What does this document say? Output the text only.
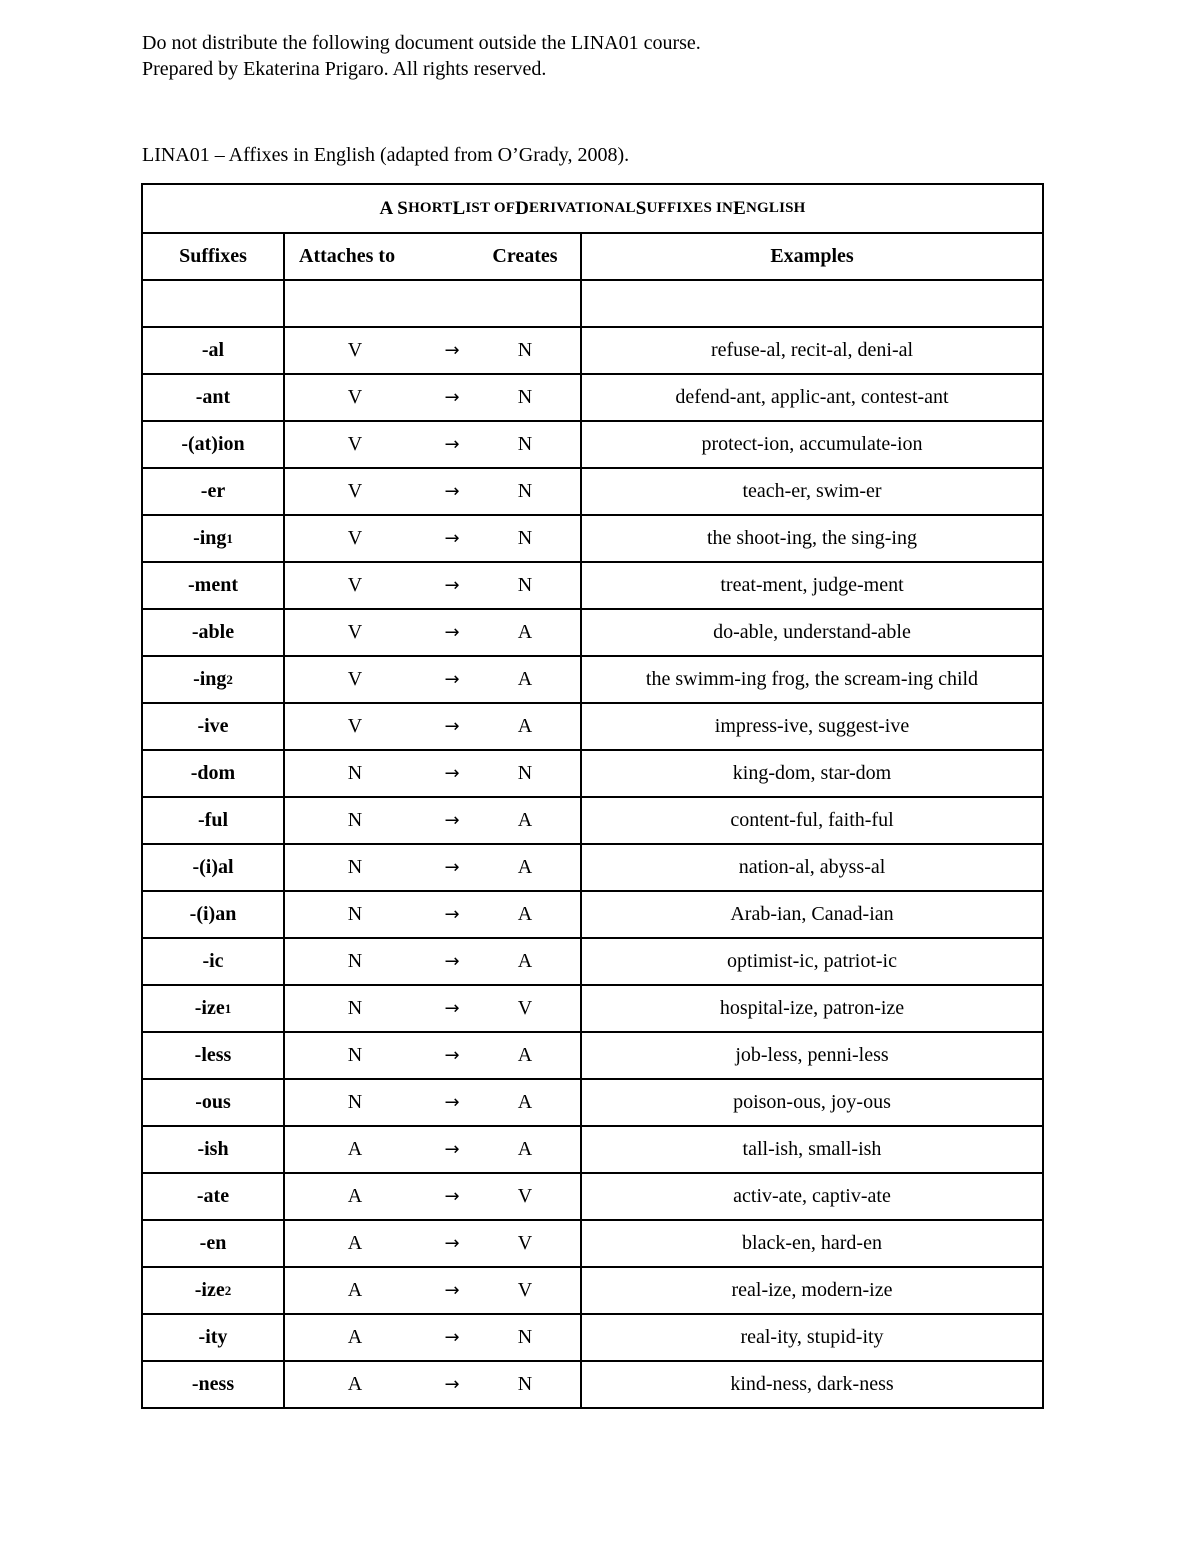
Do not distribute the following document outside the LINA01 course.
Prepared by Ekaterina Prigaro. All rights reserved.
LINA01 – Affixes in English (adapted from O’Grady, 2008).
A S HORT L IST OF D ERIVATIONAL S UFFIXES IN E NGLISH
Suffixes	Attaches to	Creates	Examples
-al	V	→	N	refuse-al, recit-al, deni-al
-ant	V	→	N	defend-ant, applic-ant, contest-ant
-(at)ion	V	→	N	protect-ion, accumulate-ion
-er	V	→	N	teach-er, swim-er
-ing 1	V	→	N	the shoot-ing, the sing-ing
-ment	V	→	N	treat-ment, judge-ment
-able	V	→	A	do-able, understand-able
-ing 2	V	→	A	the swimm-ing frog, the scream-ing child
-ive	V	→	A	impress-ive, suggest-ive
-dom	N	→	N	king-dom, star-dom
-ful	N	→	A	content-ful, faith-ful
-(i)al	N	→	A	nation-al, abyss-al
-(i)an	N	→	A	Arab-ian, Canad-ian
-ic	N	→	A	optimist-ic, patriot-ic
-ize 1	N	→	V	hospital-ize, patron-ize
-less	N	→	A	job-less, penni-less
-ous	N	→	A	poison-ous, joy-ous
-ish	A	→	A	tall-ish, small-ish
-ate	A	→	V	activ-ate, captiv-ate
-en	A	→	V	black-en, hard-en
-ize 2	A	→	V	real-ize, modern-ize
-ity	A	→	N	real-ity, stupid-ity
-ness	A	→	N	kind-ness, dark-ness
